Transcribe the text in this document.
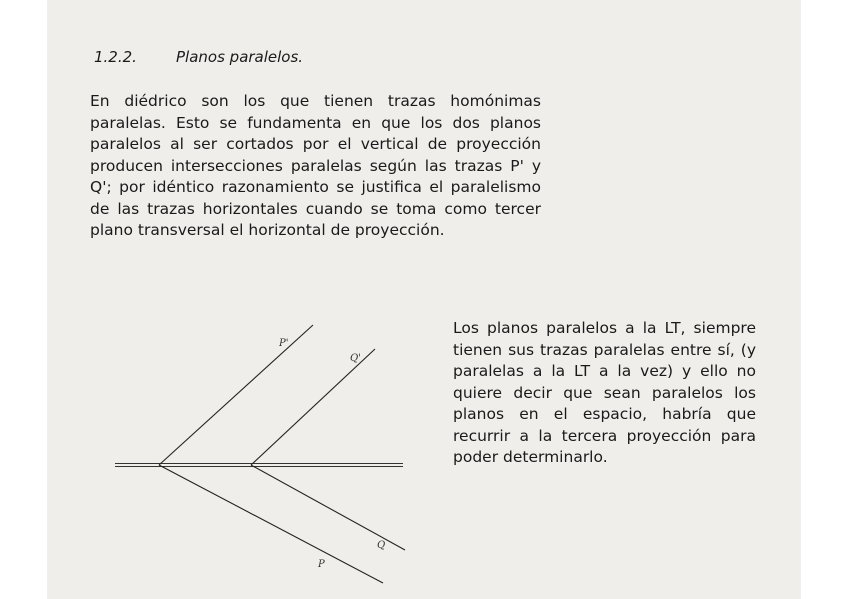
1.2.2.	Planos paralelos.
En diédrico son los que tienen trazas homónimas paralelas. Esto se fundamenta en que los dos planos paralelos al ser cortados por el vertical de proyección producen intersecciones paralelas según las trazas P' y Q'; por idéntico razonamiento se justifica el paralelismo de las trazas horizontales cuando se toma como tercer plano transversal el horizontal de proyección.
P'
Q'
Q
P
Los planos paralelos a la LT, siempre tienen sus trazas paralelas entre sí, (y paralelas a la LT a la vez) y ello no quiere decir que sean paralelos los planos en el espacio, habría que recurrir a la tercera proyección para poder determinarlo.
